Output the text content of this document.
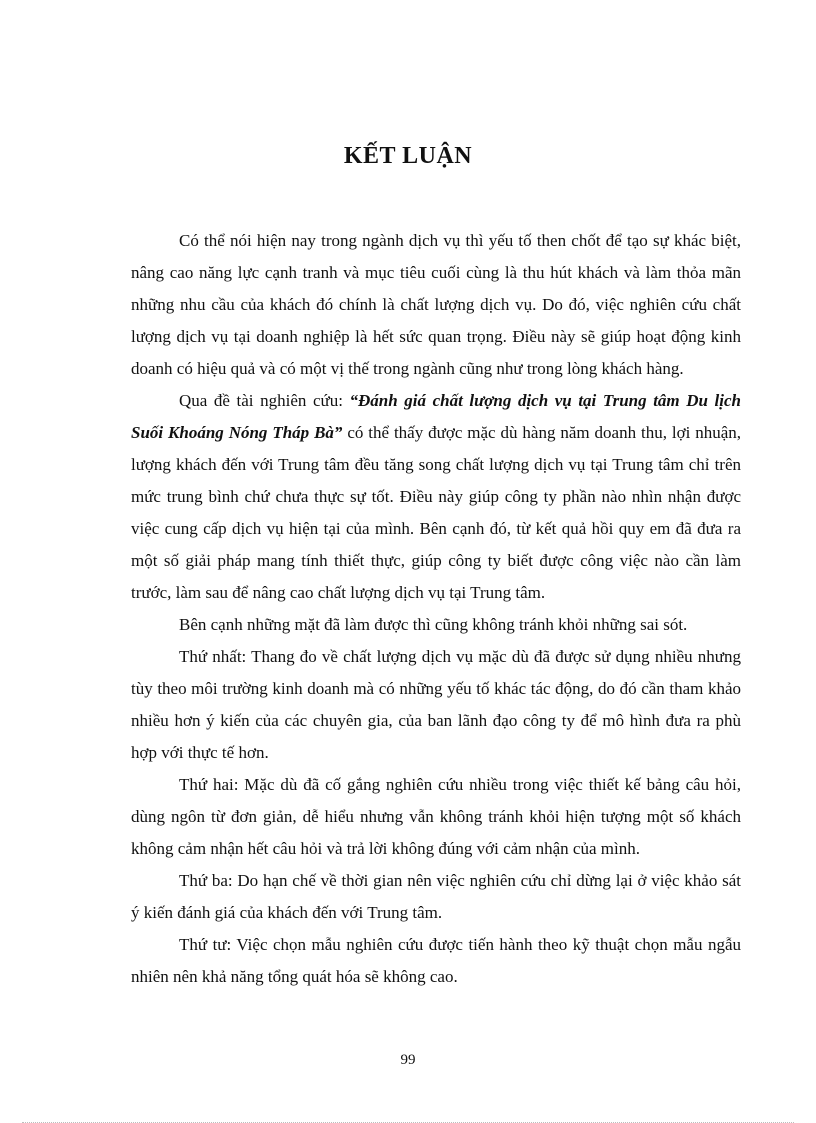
KẾT LUẬN

Có thể nói hiện nay trong ngành dịch vụ thì yếu tố then chốt để tạo sự khác biệt, nâng cao năng lực cạnh tranh và mục tiêu cuối cùng là thu hút khách và làm thỏa mãn những nhu cầu của khách đó chính là chất lượng dịch vụ. Do đó, việc nghiên cứu chất lượng dịch vụ tại doanh nghiệp là hết sức quan trọng. Điều này sẽ giúp hoạt động kinh doanh có hiệu quả và có một vị thế trong ngành cũng như trong lòng khách hàng.

Qua đề tài nghiên cứu: “Đánh giá chất lượng dịch vụ tại Trung tâm Du lịch Suối Khoáng Nóng Tháp Bà” có thể thấy được mặc dù hàng năm doanh thu, lợi nhuận, lượng khách đến với Trung tâm đều tăng song chất lượng dịch vụ tại Trung tâm chỉ trên mức trung bình chứ chưa thực sự tốt. Điều này giúp công ty phần nào nhìn nhận được việc cung cấp dịch vụ hiện tại của mình. Bên cạnh đó, từ kết quả hồi quy em đã đưa ra một số giải pháp mang tính thiết thực, giúp công ty biết được công việc nào cần làm trước, làm sau để nâng cao chất lượng dịch vụ tại Trung tâm.

Bên cạnh những mặt đã làm được thì cũng không tránh khỏi những sai sót.

Thứ nhất: Thang đo về chất lượng dịch vụ mặc dù đã được sử dụng nhiều nhưng tùy theo môi trường kinh doanh mà có những yếu tố khác tác động, do đó cần tham khảo nhiều hơn ý kiến của các chuyên gia, của ban lãnh đạo công ty để mô hình đưa ra phù hợp với thực tế hơn.

Thứ hai: Mặc dù đã cố gắng nghiên cứu nhiều trong việc thiết kế bảng câu hỏi, dùng ngôn từ đơn giản, dễ hiểu nhưng vẫn không tránh khỏi hiện tượng một số khách không cảm nhận hết câu hỏi và trả lời không đúng với cảm nhận của mình.

Thứ ba: Do hạn chế về thời gian nên việc nghiên cứu chỉ dừng lại ở việc khảo sát ý kiến đánh giá của khách đến với Trung tâm.

Thứ tư: Việc chọn mẫu nghiên cứu được tiến hành theo kỹ thuật chọn mẫu ngẫu nhiên nên khả năng tổng quát hóa sẽ không cao.

99
